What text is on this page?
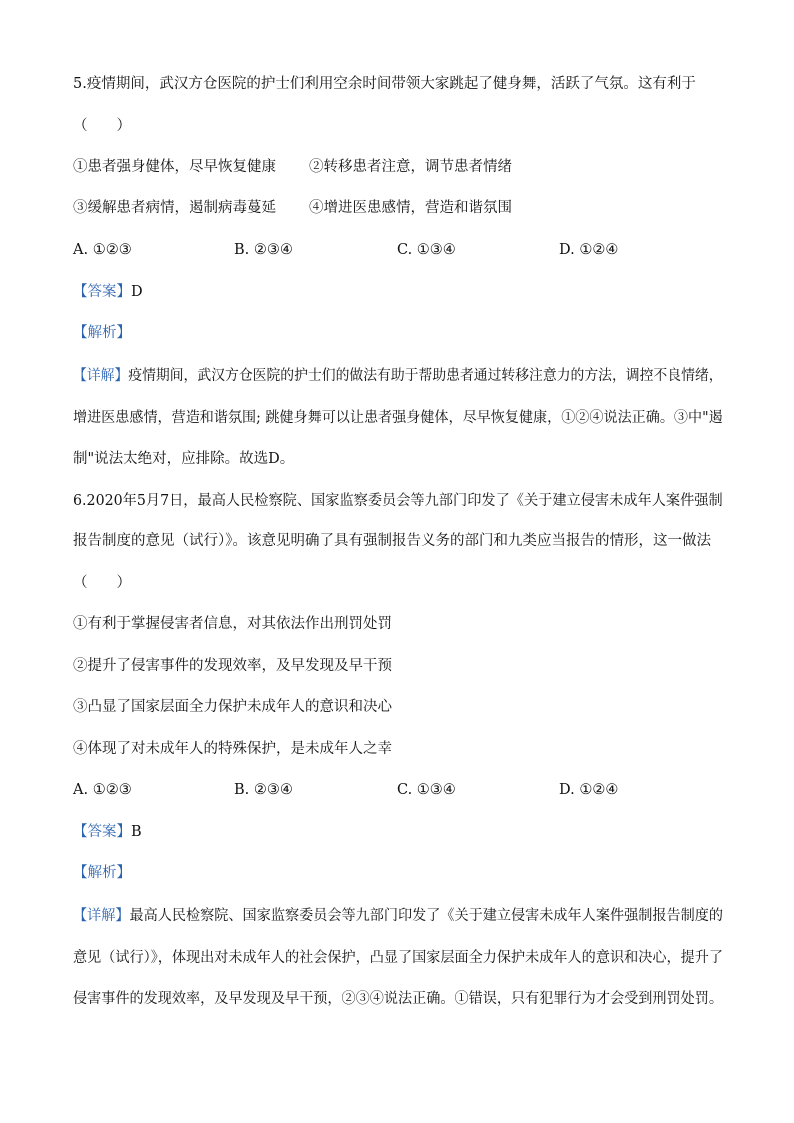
5.疫情期间，武汉方仓医院的护士们利用空余时间带领大家跳起了健身舞，活跃了气氛。这有利于
（　　）
①患者强身健体，尽早恢复健康 ②转移患者注意，调节患者情绪
③缓解患者病情，遏制病毒蔓延 ④增进医患感情，营造和谐氛围
A. ①②③	B. ②③④	C. ①③④	D. ①②④
【答案】D
【解析】
【详解】疫情期间，武汉方仓医院的护士们的做法有助于帮助患者通过转移注意力的方法，调控不良情绪，
增进医患感情，营造和谐氛围; 跳健身舞可以让患者强身健体，尽早恢复健康，①②④说法正确。③中"遏
制"说法太绝对，应排除。故选D。
6.2020年5月7日，最高人民检察院、国家监察委员会等九部门印发了《关于建立侵害未成年人案件强制
报告制度的意见（试行）》。该意见明确了具有强制报告义务的部门和九类应当报告的情形，这一做法
（　　）
①有利于掌握侵害者信息，对其依法作出刑罚处罚
②提升了侵害事件的发现效率，及早发现及早干预
③凸显了国家层面全力保护未成年人的意识和决心
④体现了对未成年人的特殊保护，是未成年人之幸
A. ①②③	B. ②③④	C. ①③④	D. ①②④
【答案】B
【解析】
【详解】最高人民检察院、国家监察委员会等九部门印发了《关于建立侵害未成年人案件强制报告制度的
意见（试行）》，体现出对未成年人的社会保护，凸显了国家层面全力保护未成年人的意识和决心，提升了
侵害事件的发现效率，及早发现及早干预，②③④说法正确。①错误，只有犯罪行为才会受到刑罚处罚。
